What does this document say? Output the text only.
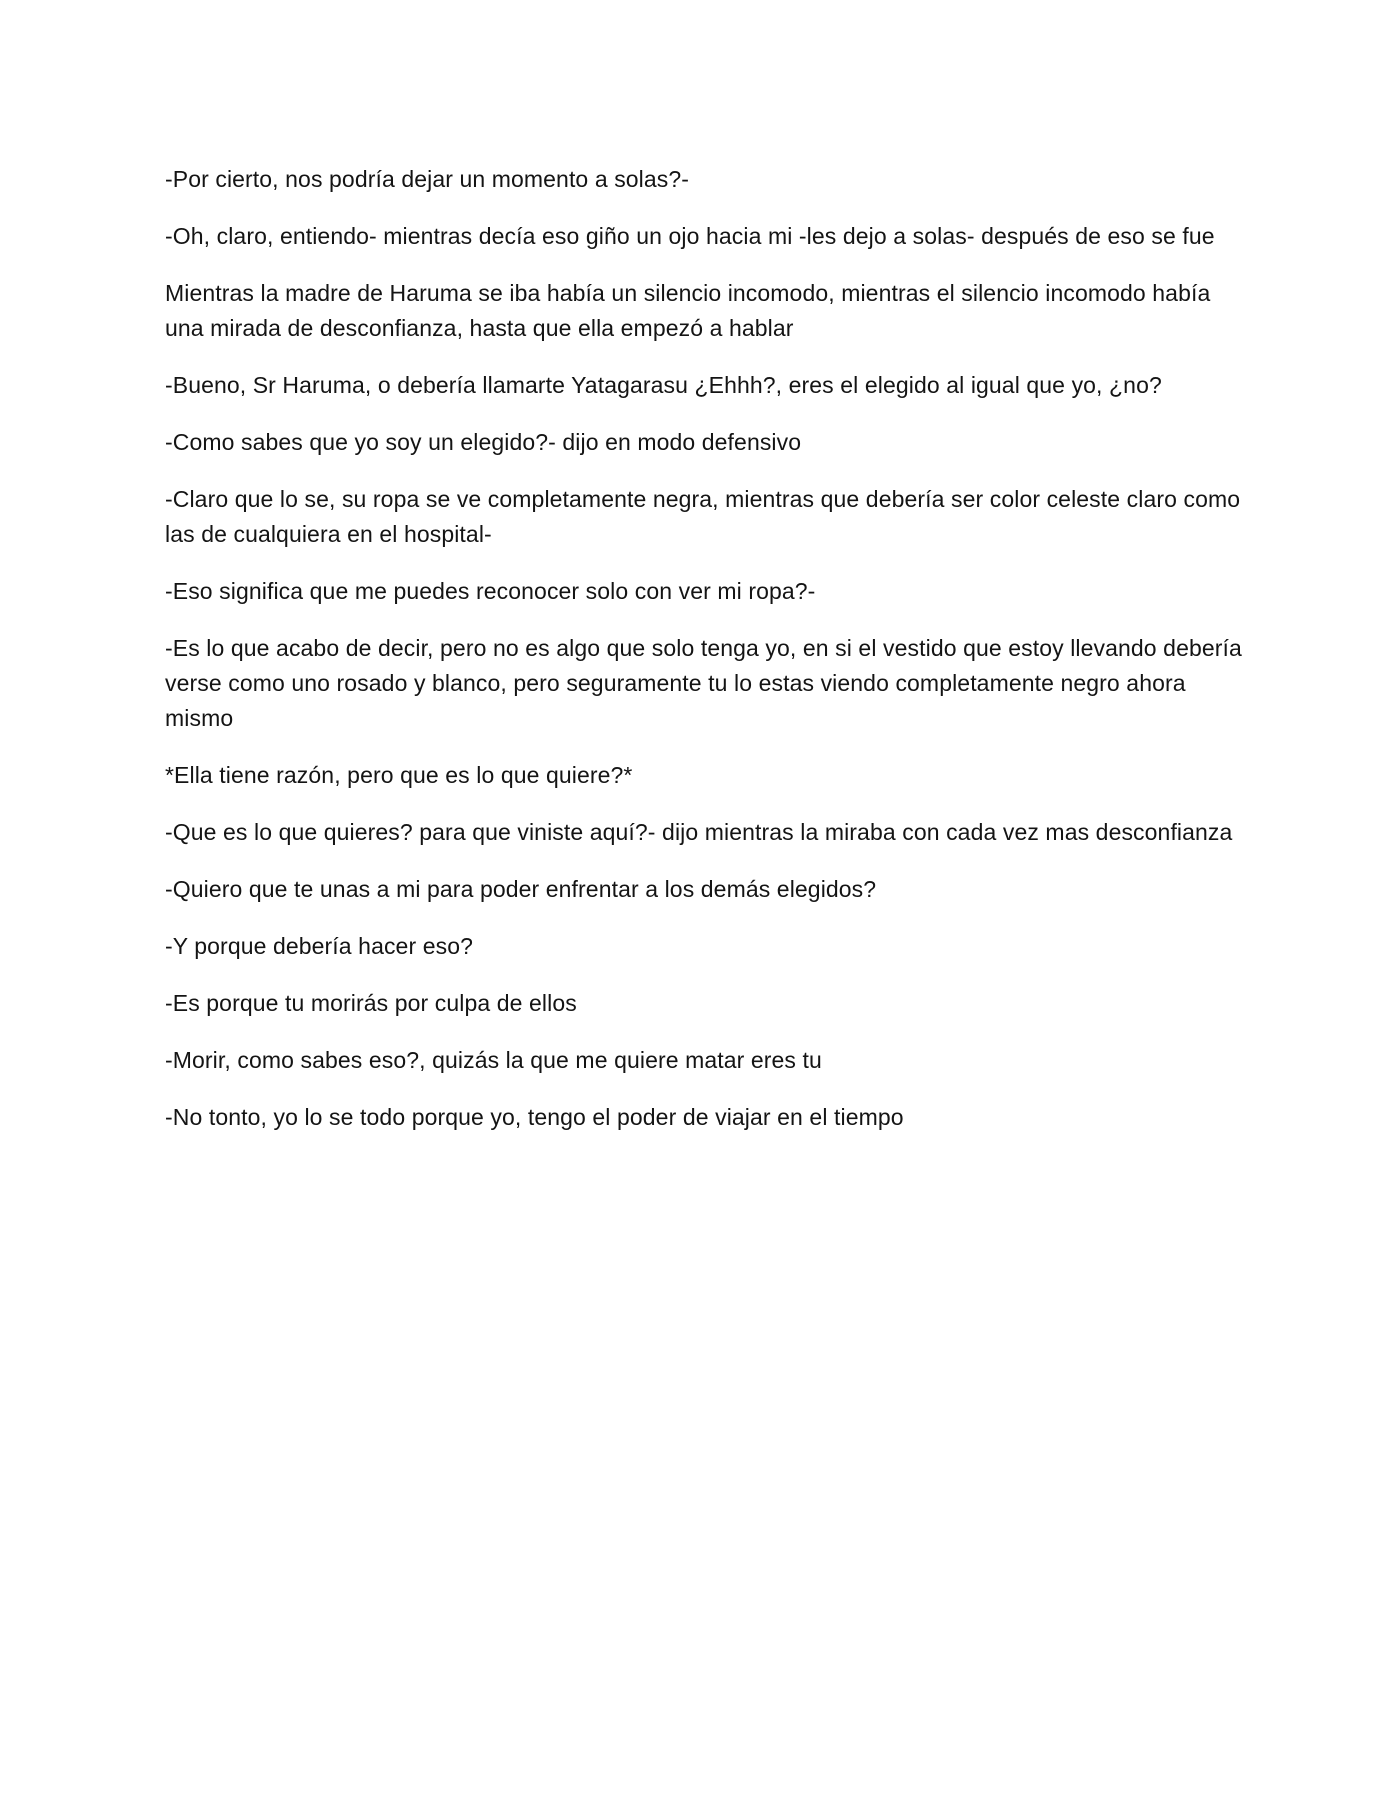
-Por cierto, nos podría dejar un momento a solas?-

-Oh, claro, entiendo- mientras decía eso giño un ojo hacia mi -les dejo a solas- después de eso se fue

Mientras la madre de Haruma se iba había un silencio incomodo, mientras el silencio incomodo había una mirada de desconfianza, hasta que ella empezó a hablar

-Bueno, Sr Haruma, o debería llamarte Yatagarasu ¿Ehhh?, eres el elegido al igual que yo, ¿no?

-Como sabes que yo soy un elegido?- dijo en modo defensivo

-Claro que lo se, su ropa se ve completamente negra, mientras que debería ser color celeste claro como las de cualquiera en el hospital-

-Eso significa que me puedes reconocer solo con ver mi ropa?-

-Es lo que acabo de decir, pero no es algo que solo tenga yo, en si el vestido que estoy llevando debería verse como uno rosado y blanco, pero seguramente tu lo estas viendo completamente negro ahora mismo

*Ella tiene razón, pero que es lo que quiere?*

-Que es lo que quieres? para que viniste aquí?- dijo mientras la miraba con cada vez mas desconfianza

-Quiero que te unas a mi para poder enfrentar a los demás elegidos?

-Y porque debería hacer eso?

-Es porque tu morirás por culpa de ellos

-Morir, como sabes eso?, quizás la que me quiere matar eres tu

-No tonto, yo lo se todo porque yo, tengo el poder de viajar en el tiempo
